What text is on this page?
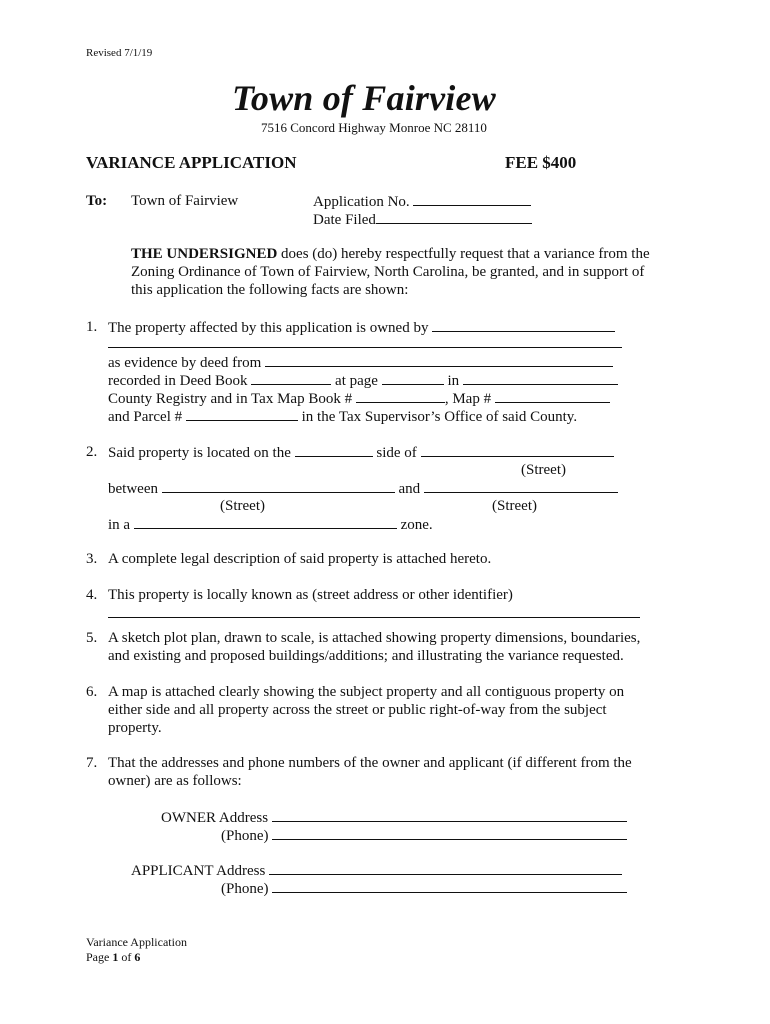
Revised 7/1/19
Town of Fairview
7516 Concord Highway Monroe NC 28110
VARIANCE APPLICATION	FEE $400
To: Town of Fairview	Application No.
Date Filed
THE UNDERSIGNED does (do) hereby respectfully request that a variance from the Zoning Ordinance of Town of Fairview, North Carolina, be granted, and in support of this application the following facts are shown:
1. The property affected by this application is owned by
as evidence by deed from
recorded in Deed Book	at page	in
County Registry and in Tax Map Book #	, Map #
and Parcel #	in the Tax Supervisor’s Office of said County.
2. Said property is located on the	side of
(Street)
between	and
(Street)	(Street)
in a	zone.
3. A complete legal description of said property is attached hereto.
4. This property is locally known as (street address or other identifier)
5. A sketch plot plan, drawn to scale, is attached showing property dimensions, boundaries,
and existing and proposed buildings/additions; and illustrating the variance requested.
6. A map is attached clearly showing the subject property and all contiguous property on
either side and all property across the street or public right-of-way from the subject
property.
7. That the addresses and phone numbers of the owner and applicant (if different from the
owner) are as follows:
OWNER Address
(Phone)
APPLICANT Address
(Phone)
Variance Application
Page 1 of 6
